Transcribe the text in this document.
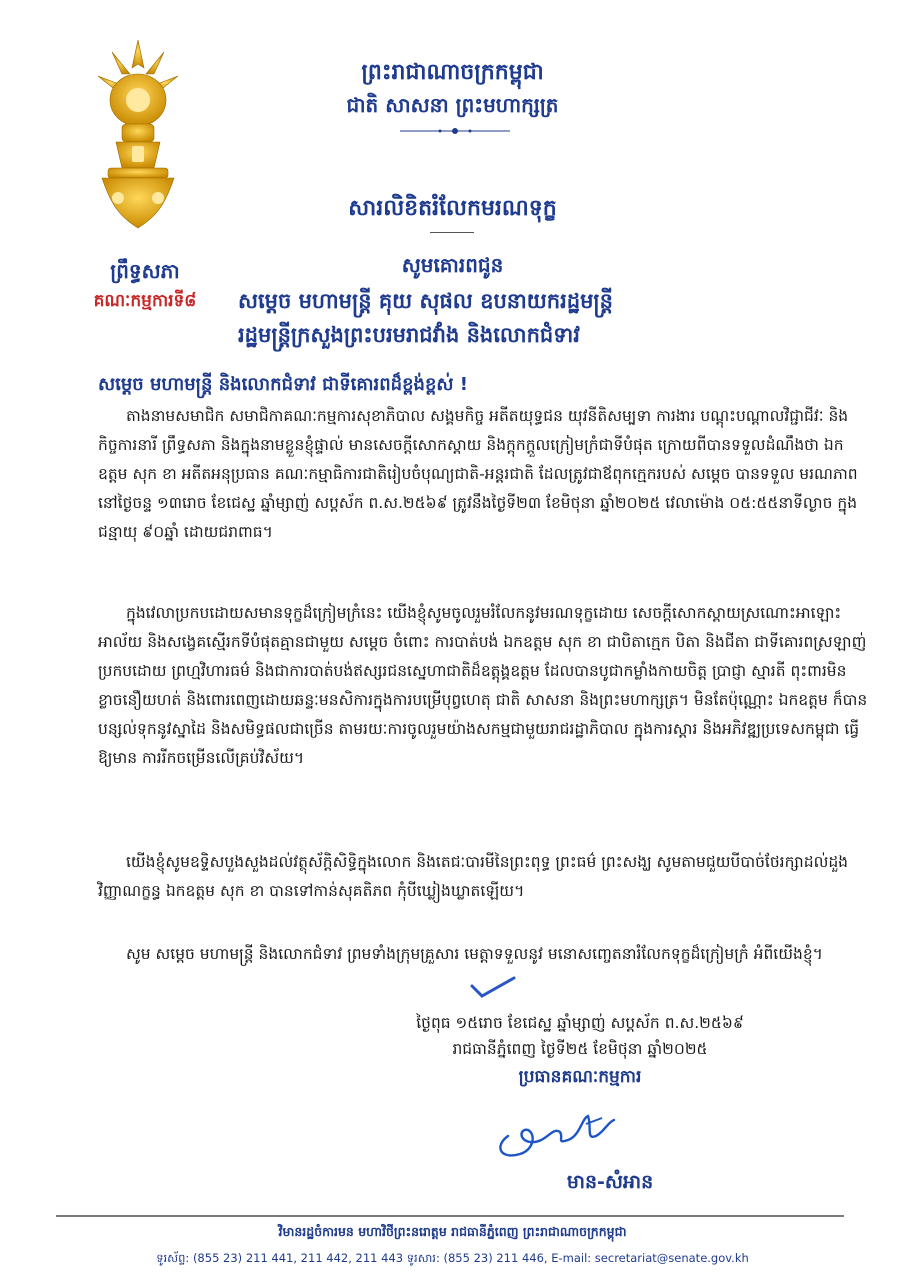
ព្រះរាជាណាចក្រកម្ពុជា
ជាតិ សាសនា ព្រះមហាក្សត្រ
ព្រឹទ្ធសភា
គណៈកម្មការទី៨
សារលិខិតរំលែកមរណទុក្ខ
សូមគោរពជូន
សម្តេច មហាមន្ត្រី គុយ សុផល ឧបនាយករដ្ឋមន្ត្រី
រដ្ឋមន្ត្រីក្រសួងព្រះបរមរាជវាំង និងលោកជំទាវ
សម្តេច មហាមន្ត្រី និងលោកជំទាវ ជាទីគោរពដ៏ខ្ពង់ខ្ពស់ !

តាងនាមសមាជិក សមាជិកាគណៈកម្មការសុខាភិបាល សង្គមកិច្ច អតីតយុទ្ធជន យុវនីតិសម្បទា ការងារ បណ្តុះបណ្តាលវិជ្ជាជីវៈ និងកិច្ចការនារី ព្រឹទ្ធសភា និងក្នុងនាមខ្លួនខ្ញុំផ្ទាល់ មានសេចក្តីសោកស្តាយ និងក្តុកក្តួលក្រៀមក្រំជាទីបំផុត ក្រោយពីបានទទួលដំណឹងថា ឯកឧត្តម សុក ខា អតីតអនុប្រធាន គណៈកម្មាធិការជាតិរៀបចំបុណ្យជាតិ-អន្តរជាតិ ដែលត្រូវជាឪពុកក្មេករបស់ សម្តេច បានទទួល មរណភាព នៅថ្ងៃចន្ទ ១៣រោច ខែជេស្ឋ ឆ្នាំម្សាញ់ សប្តស័ក ព.ស.២៥៦៩ ត្រូវនឹងថ្ងៃទី២៣ ខែមិថុនា ឆ្នាំ២០២៥ វេលាម៉ោង ០៥:៥៥នាទីល្ងាច ក្នុងជន្មាយុ ៩០ឆ្នាំ ដោយជរាពាធ។

ក្នុងវេលាប្រកបដោយសមានទុក្ខដ៏ក្រៀមក្រំនេះ យើងខ្ញុំសូមចូលរួមរំលែកនូវមរណទុក្ខដោយ សេចក្តីសោកស្តាយស្រណោះអាឡោះអាល័យ និងសង្វេគស្មើរកទីបំផុតគ្មានជាមួយ សម្តេច ចំពោះ ការបាត់បង់ ឯកឧត្តម សុក ខា ជាបិតាក្មេក បិតា និងជីតា ជាទីគោរពស្រឡាញ់ប្រកបដោយ ព្រហ្មវិហារធម៌ និងជាការបាត់បង់ឥស្សរជនស្នេហាជាតិដ៏ឧត្តុង្គឧត្តម ដែលបានបូជាកម្លាំងកាយចិត្ត ប្រាជ្ញា ស្មារតី ពុះពារមិនខ្លាចនឿយហត់ និងពោរពេញដោយឆន្ទៈមនសិការក្នុងការបម្រើបុព្វហេតុ ជាតិ សាសនា និងព្រះមហាក្សត្រ។ មិនតែប៉ុណ្ណោះ ឯកឧត្តម ក៏បានបន្សល់ទុកនូវស្នាដៃ និងសមិទ្ធផលជាច្រើន តាមរយៈការចូលរួមយ៉ាងសកម្មជាមួយរាជរដ្ឋាភិបាល ក្នុងការស្តារ និងអភិវឌ្ឍប្រទេសកម្ពុជា ធ្វើឱ្យមាន ការរីកចម្រើនលើគ្រប់វិស័យ។

យើងខ្ញុំសូមឧទ្ទិសបួងសួងដល់វត្ថុស័ក្តិសិទ្ធិក្នុងលោក និងតេជៈបារមីនៃព្រះពុទ្ធ ព្រះធម៌ ព្រះសង្ឃ សូមតាមជួយបីបាច់ថែរក្សាដល់ដួងវិញ្ញាណក្ខន្ធ ឯកឧត្តម សុក ខា បានទៅកាន់សុគតិភព កុំបីឃ្លៀងឃ្លាតឡើយ។

សូម សម្តេច មហាមន្ត្រី និងលោកជំទាវ ព្រមទាំងក្រុមគ្រួសារ មេត្តាទទួលនូវ មនោសញ្ចេតនារំលែកទុក្ខដ៏ក្រៀមក្រំ អំពីយើងខ្ញុំ។

ថ្ងៃពុធ ១៥រោច ខែជេស្ឋ ឆ្នាំម្សាញ់ សប្តស័ក ព.ស.២៥៦៩
រាជធានីភ្នំពេញ ថ្ងៃទី២៥ ខែមិថុនា ឆ្នាំ២០២៥
ប្រធានគណៈកម្មការ
មាន-សំអាន
វិមានរដ្ឋចំការមន មហាវិថីព្រះនរោត្តម រាជធានីភ្នំពេញ ព្រះរាជាណាចក្រកម្ពុជា
ទូរស័ព្ទ: (855 23) 211 441, 211 442, 211 443 ទូរសារ: (855 23) 211 446, E-mail: secretariat@senate.gov.kh
